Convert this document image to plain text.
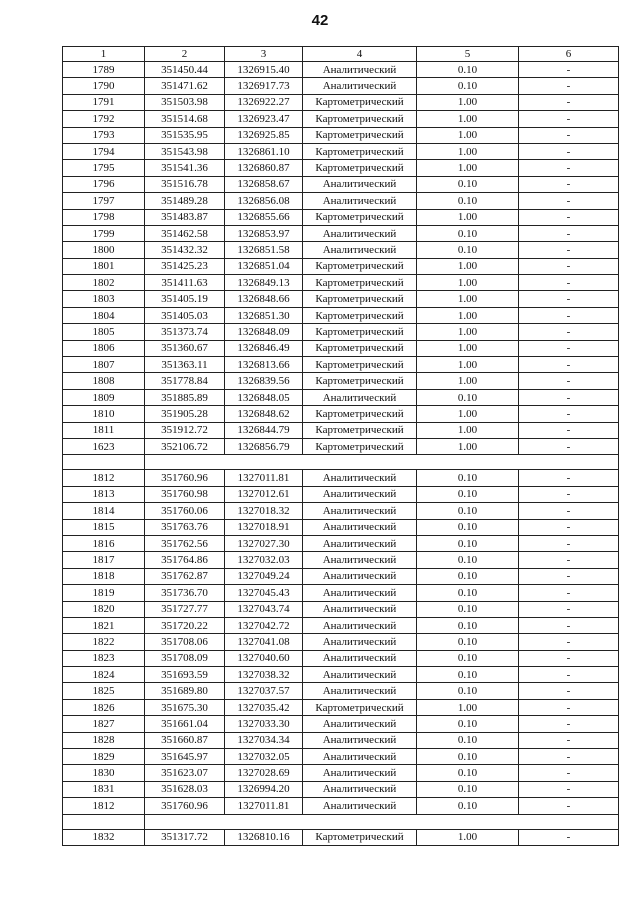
42
1	2	3	4	5	6
1789	351450.44	1326915.40	Аналитический	0.10	-
1790	351471.62	1326917.73	Аналитический	0.10	-
1791	351503.98	1326922.27	Картометрический	1.00	-
1792	351514.68	1326923.47	Картометрический	1.00	-
1793	351535.95	1326925.85	Картометрический	1.00	-
1794	351543.98	1326861.10	Картометрический	1.00	-
1795	351541.36	1326860.87	Картометрический	1.00	-
1796	351516.78	1326858.67	Аналитический	0.10	-
1797	351489.28	1326856.08	Аналитический	0.10	-
1798	351483.87	1326855.66	Картометрический	1.00	-
1799	351462.58	1326853.97	Аналитический	0.10	-
1800	351432.32	1326851.58	Аналитический	0.10	-
1801	351425.23	1326851.04	Картометрический	1.00	-
1802	351411.63	1326849.13	Картометрический	1.00	-
1803	351405.19	1326848.66	Картометрический	1.00	-
1804	351405.03	1326851.30	Картометрический	1.00	-
1805	351373.74	1326848.09	Картометрический	1.00	-
1806	351360.67	1326846.49	Картометрический	1.00	-
1807	351363.11	1326813.66	Картометрический	1.00	-
1808	351778.84	1326839.56	Картометрический	1.00	-
1809	351885.89	1326848.05	Аналитический	0.10	-
1810	351905.28	1326848.62	Картометрический	1.00	-
1811	351912.72	1326844.79	Картометрический	1.00	-
1623	352106.72	1326856.79	Картометрический	1.00	-

1812	351760.96	1327011.81	Аналитический	0.10	-
1813	351760.98	1327012.61	Аналитический	0.10	-
1814	351760.06	1327018.32	Аналитический	0.10	-
1815	351763.76	1327018.91	Аналитический	0.10	-
1816	351762.56	1327027.30	Аналитический	0.10	-
1817	351764.86	1327032.03	Аналитический	0.10	-
1818	351762.87	1327049.24	Аналитический	0.10	-
1819	351736.70	1327045.43	Аналитический	0.10	-
1820	351727.77	1327043.74	Аналитический	0.10	-
1821	351720.22	1327042.72	Аналитический	0.10	-
1822	351708.06	1327041.08	Аналитический	0.10	-
1823	351708.09	1327040.60	Аналитический	0.10	-
1824	351693.59	1327038.32	Аналитический	0.10	-
1825	351689.80	1327037.57	Аналитический	0.10	-
1826	351675.30	1327035.42	Картометрический	1.00	-
1827	351661.04	1327033.30	Аналитический	0.10	-
1828	351660.87	1327034.34	Аналитический	0.10	-
1829	351645.97	1327032.05	Аналитический	0.10	-
1830	351623.07	1327028.69	Аналитический	0.10	-
1831	351628.03	1326994.20	Аналитический	0.10	-
1812	351760.96	1327011.81	Аналитический	0.10	-

1832	351317.72	1326810.16	Картометрический	1.00	-
